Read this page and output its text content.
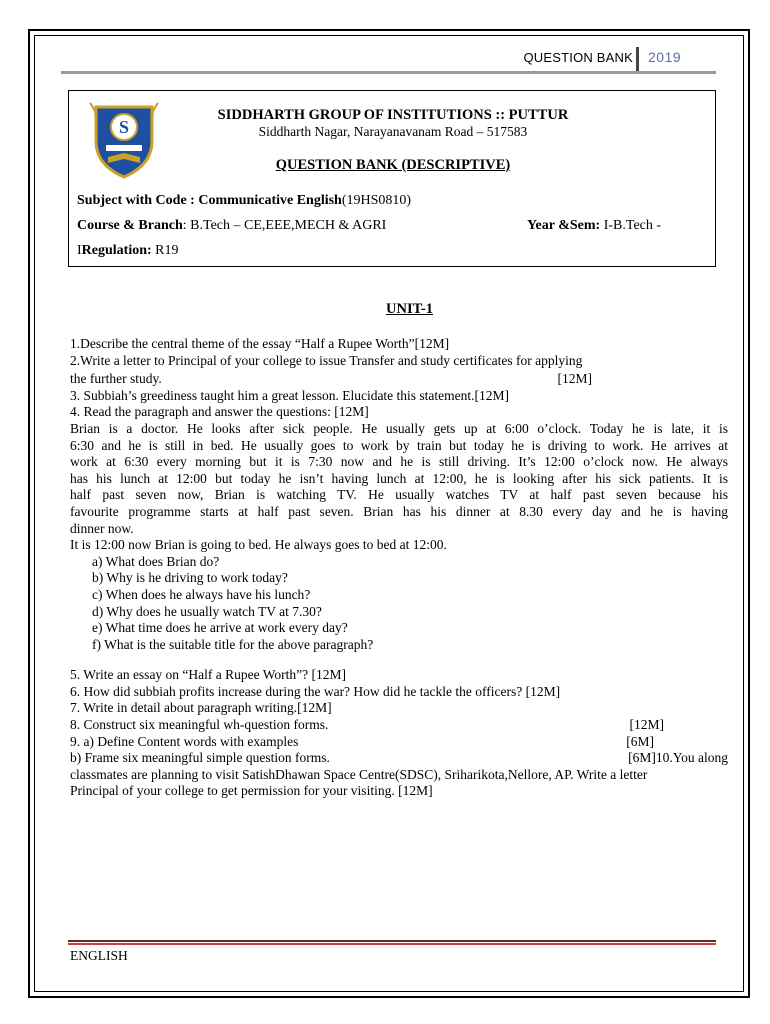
QUESTION BANK 2019
S
SIDDHARTH GROUP OF INSTITUTIONS :: PUTTUR
Siddharth Nagar, Narayanavanam Road – 517583
QUESTION BANK (DESCRIPTIVE)
Subject with Code : Communicative English(19HS0810)
Course & Branch: B.Tech – CE,EEE,MECH & AGRI	Year &Sem: I-B.Tech -
IRegulation: R19
UNIT-1

1.Describe the central theme of the essay “Half a Rupee Worth”[12M]

2.Write a letter to Principal of your college to issue Transfer and study certificates for applying

the further study.	[12M]

3. Subbiah’s greediness taught him a great lesson. Elucidate this statement.[12M]

4. Read the paragraph and answer the questions: [12M]

Brian is a doctor. He looks after sick people. He usually gets up at 6:00 o’clock. Today he is late, it is

6:30 and he is still in bed. He usually goes to work by train but today he is driving to work. He arrives at

work at 6:30 every morning but it is 7:30 now and he is still driving. It’s 12:00 o’clock now. He always

has his lunch at 12:00 but today he isn’t having lunch at 12:00, he is looking after his sick patients. It is

half past seven now, Brian is watching TV. He usually watches TV at half past seven because his

favourite programme starts at half past seven. Brian has his dinner at 8.30 every day and he is having

dinner now.

It is 12:00 now Brian is going to bed. He always goes to bed at 12:00.

a) What does Brian do?

b) Why is he driving to work today?

c) When does he always have his lunch?

d) Why does he usually watch TV at 7.30?

e) What time does he arrive at work every day?

f) What is the suitable title for the above paragraph?

5. Write an essay on “Half a Rupee Worth”? [12M]

6. How did subbiah profits increase during the war? How did he tackle the officers? [12M]

7. Write in detail about paragraph writing.[12M]

8. Construct six meaningful wh-question forms.	[12M]

9. a) Define Content words with examples	[6M]

b) Frame six meaningful simple question forms.	[6M]10.You along

classmates are planning to visit SatishDhawan Space Centre(SDSC), Sriharikota,Nellore, AP. Write a letter

Principal of your college to get permission for your visiting. [12M]

ENGLISH
